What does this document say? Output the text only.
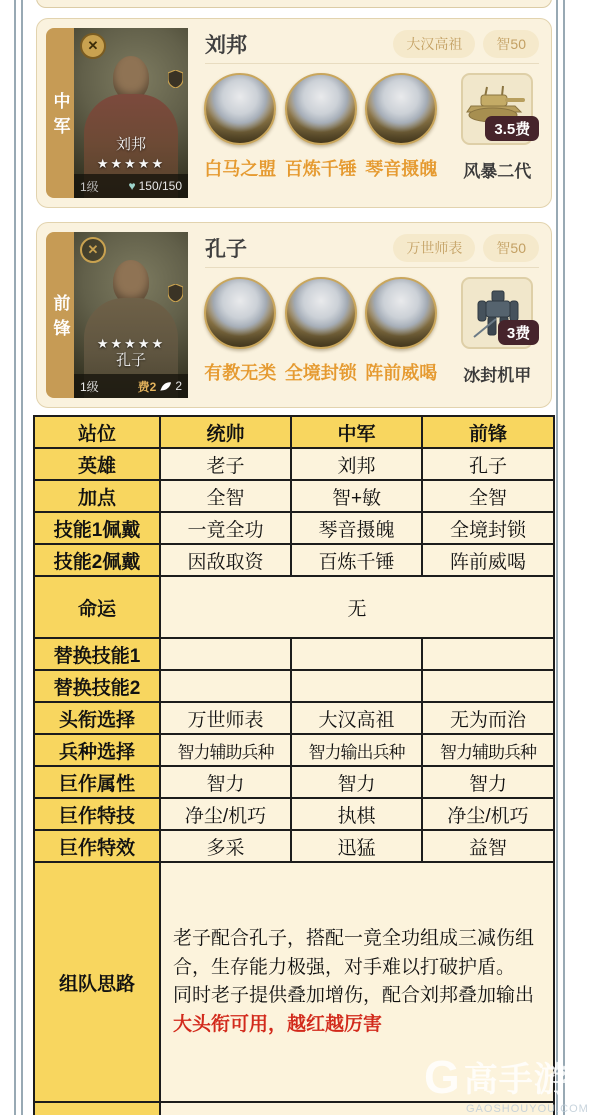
中军
✕
刘邦
★★★★★
1级 ♥ 150/150
刘邦	大汉高祖	智50
白马之盟 百炼千锤 琴音摄魄
3.5费
风暴二代
前锋
✕
★★★★★
孔子
1级	费2 2
孔子	万世师表	智50
有教无类 全境封锁 阵前威喝
3费
冰封机甲
站位	统帅	中军	前锋
英雄	老子	刘邦	孔子
加点	全智	智+敏	全智
技能1佩戴	一竟全功	琴音摄魄	全境封锁
技能2佩戴	因敌取资	百炼千锤	阵前威喝
命运	无		
替换技能1			
替换技能2			
头衔选择	万世师表	大汉高祖	无为而治
兵种选择	智力辅助兵种	智力输出兵种	智力辅助兵种
巨作属性	智力	智力	智力
巨作特技	净尘/机巧	执棋	净尘/机巧
巨作特效	多采	迅猛	益智
组队思路	老子配合孔子，搭配一竟全功组成三减伤组合，生存能力极强，对手难以打破护盾。

同时老子提供叠加增伤，配合刘邦叠加输出

大头衔可用，越红越厉害		

G 高手游
GAOSHOUYOU.COM
